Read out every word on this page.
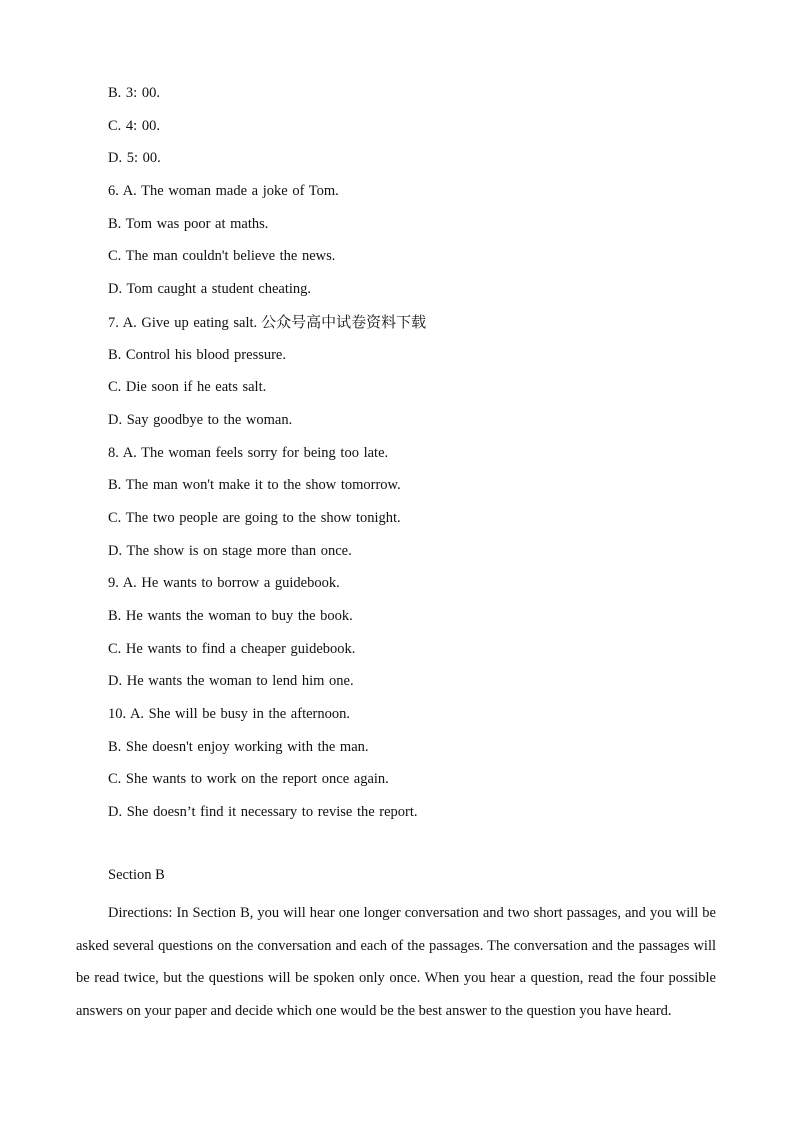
B. 3: 00.
C. 4: 00.
D. 5: 00.
6. A. The woman made a joke of Tom.
B. Tom was poor at maths.
C. The man couldn't believe the news.
D. Tom caught a student cheating.
7. A. Give up eating salt. 公众号高中试卷资料下载
B. Control his blood pressure.
C. Die soon if he eats salt.
D. Say goodbye to the woman.
8. A. The woman feels sorry for being too late.
B. The man won't make it to the show tomorrow.
C. The two people are going to the show tonight.
D. The show is on stage more than once.
9. A. He wants to borrow a guidebook.
B. He wants the woman to buy the book.
C. He wants to find a cheaper guidebook.
D. He wants the woman to lend him one.
10. A. She will be busy in the afternoon.
B. She doesn't enjoy working with the man.
C. She wants to work on the report once again.
D. She doesn’t find it necessary to revise the report.
Section B

Directions: In Section B, you will hear one longer conversation and two short passages, and you will be asked several questions on the conversation and each of the passages. The conversation and the passages will be read twice, but the questions will be spoken only once. When you hear a question, read the four possible answers on your paper and decide which one would be the best answer to the question you have heard.
